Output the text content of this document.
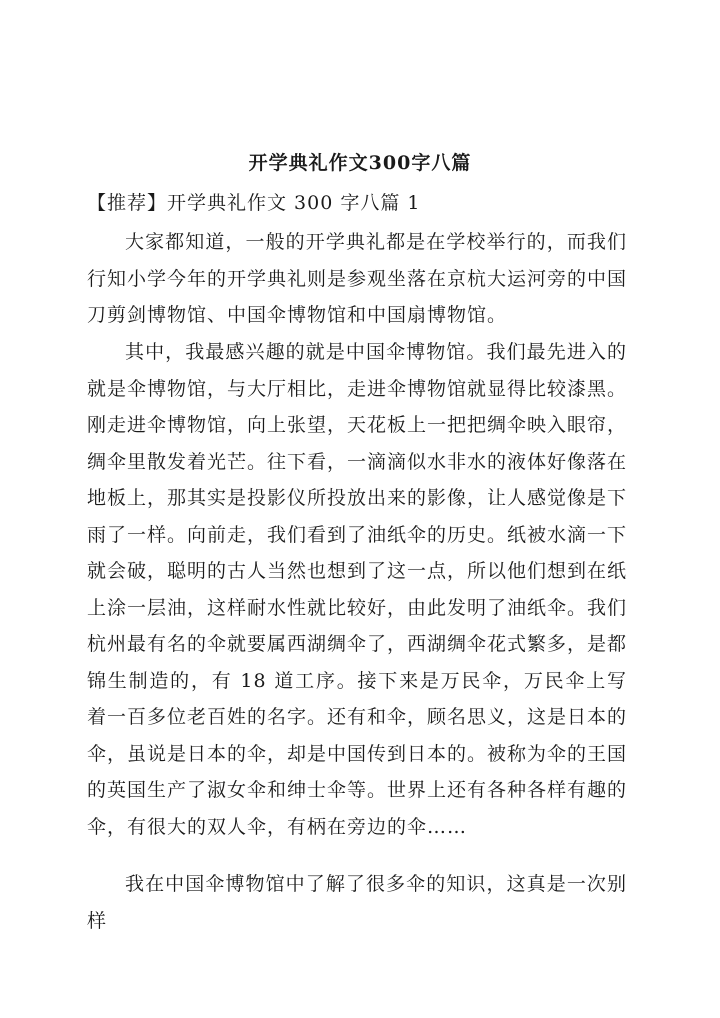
开学典礼作文300字八篇
【推荐】开学典礼作文 300 字八篇 1
大家都知道，一般的开学典礼都是在学校举行的，而我们行知小学今年的开学典礼则是参观坐落在京杭大运河旁的中国刀剪剑博物馆、中国伞博物馆和中国扇博物馆。
其中，我最感兴趣的就是中国伞博物馆。我们最先进入的就是伞博物馆，与大厅相比，走进伞博物馆就显得比较漆黑。刚走进伞博物馆，向上张望，天花板上一把把绸伞映入眼帘，绸伞里散发着光芒。往下看，一滴滴似水非水的液体好像落在地板上，那其实是投影仪所投放出来的影像，让人感觉像是下雨了一样。向前走，我们看到了油纸伞的历史。纸被水滴一下就会破，聪明的古人当然也想到了这一点，所以他们想到在纸上涂一层油，这样耐水性就比较好，由此发明了油纸伞。我们杭州最有名的伞就要属西湖绸伞了，西湖绸伞花式繁多，是都锦生制造的，有 18 道工序。接下来是万民伞，万民伞上写着一百多位老百姓的名字。还有和伞，顾名思义，这是日本的伞，虽说是日本的伞，却是中国传到日本的。被称为伞的王国的英国生产了淑女伞和绅士伞等。世界上还有各种各样有趣的伞，有很大的双人伞，有柄在旁边的伞……
我在中国伞博物馆中了解了很多伞的知识，这真是一次别样
